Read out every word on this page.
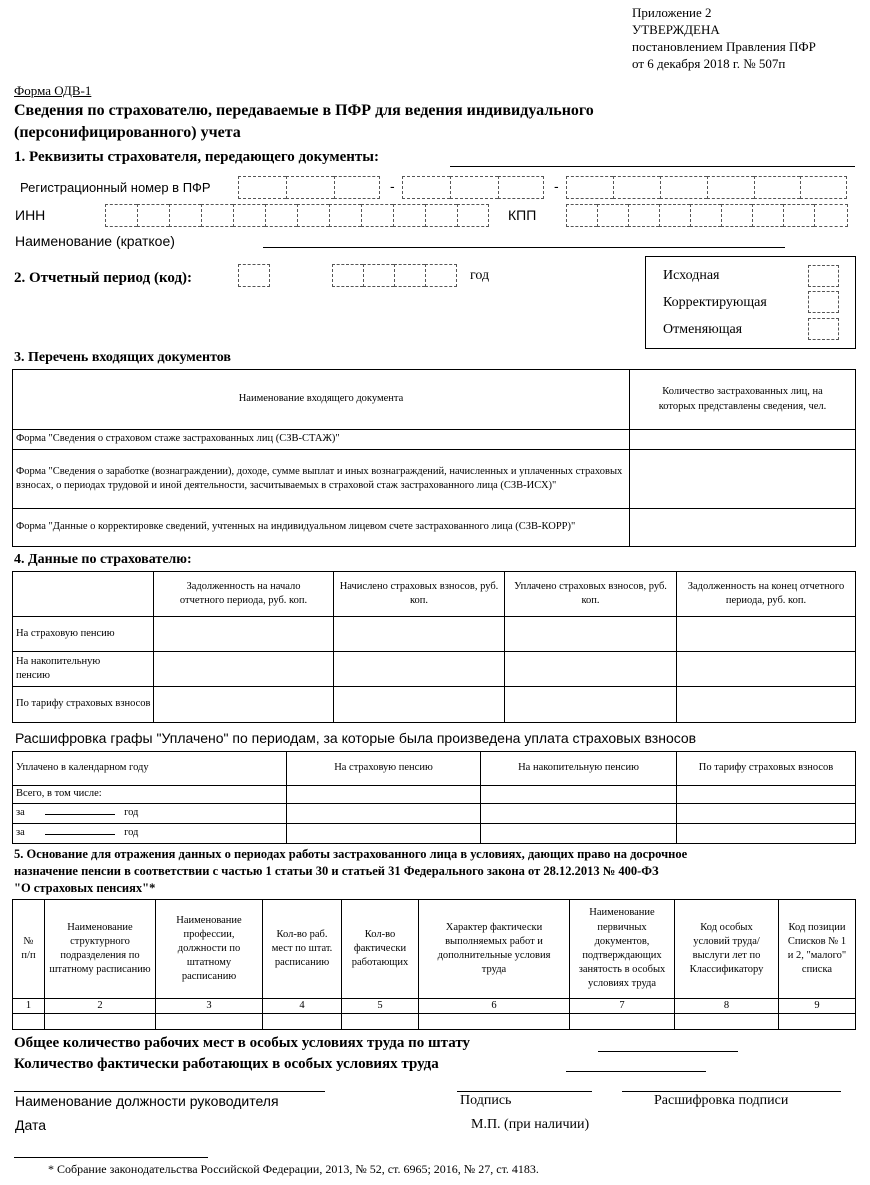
Приложение 2
УТВЕРЖДЕНА
постановлением Правления ПФР
от 6 декабря 2018 г. № 507п
Форма ОДВ-1
Сведения по страхователю, передаваемые в ПФР для ведения индивидуального
(персонифицированного) учета
1. Реквизиты страхователя, передающего документы:
Регистрационный номер в ПФР	-	-
ИНН	КПП
Наименование (краткое)
2. Отчетный период (код):	год	Исходная
Корректирующая
Отменяющая
3. Перечень входящих документов
Наименование входящего документа	Количество застрахованных лиц, на которых представлены сведения, чел.
Форма "Сведения о страховом стаже застрахованных лиц (СЗВ-СТАЖ)"	
Форма "Сведения о заработке (вознаграждении), доходе, сумме выплат и иных вознаграждений, начисленных и уплаченных страховых взносах, о периодах трудовой и иной деятельности, засчитываемых в страховой стаж застрахованного лица (СЗВ-ИСХ)"	
Форма "Данные о корректировке сведений, учтенных на индивидуальном лицевом счете застрахованного лица (СЗВ-КОРР)"	
4. Данные по страхователю:
	Задолженность на начало отчетного периода, руб. коп.	Начислено страховых взносов, руб. коп.	Уплачено страховых взносов, руб. коп.	Задолженность на конец отчетного периода, руб. коп.
На страховую пенсию				
На накопительную пенсию				
По тарифу страховых взносов				
Расшифровка графы "Уплачено" по периодам, за которые была произведена уплата страховых взносов
Уплачено в календарном году	На страховую пенсию	На накопительную пенсию	По тарифу страховых взносов
Всего, в том числе:			
за год			
за год			
5. Основание для отражения данных о периодах работы застрахованного лица в условиях, дающих право на досрочное
назначение пенсии в соответствии с частью 1 статьи 30 и статьей 31 Федерального закона от 28.12.2013 № 400-ФЗ
"О страховых пенсиях"*
№ п/п	Наименование структурного подразделения по штатному расписанию	Наименование профессии, должности по штатному расписанию	Кол-во раб. мест по штат. расписанию	Кол-во фактически работающих	Характер фактически выполняемых работ и дополнительные условия труда	Наименование первичных документов, подтверждающих занятость в особых условиях труда	Код особых условий труда/ выслуги лет по Классификатору	Код позиции Списков № 1 и 2, "малого" списка
1	2	3	4	5	6	7	8	9

Общее количество рабочих мест в особых условиях труда по штату
Количество фактически работающих в особых условиях труда
Наименование должности руководителя	Подпись	Расшифровка подписи
Дата	М.П. (при наличии)
* Собрание законодательства Российской Федерации, 2013, № 52, ст. 6965; 2016, № 27, ст. 4183.
